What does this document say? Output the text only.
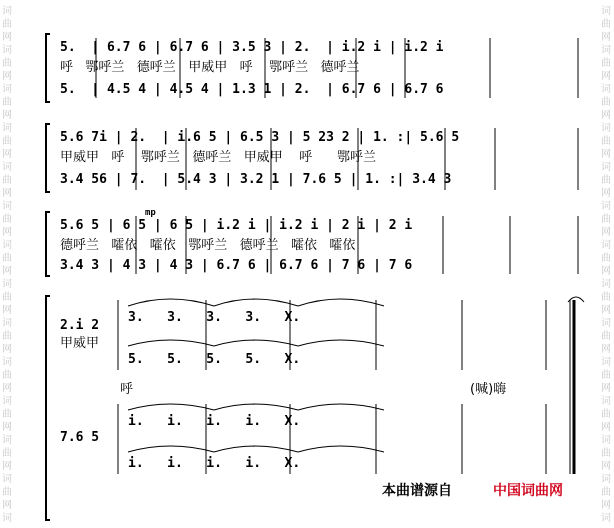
词
曲
网
词
曲
网
词
曲
网
词
曲
网
词
曲
网
词
曲
网
词
曲
网
词
曲
网
词
曲
网
词
曲
网
词
曲
网
词
曲
网
词
曲
网
词
词
曲
网
词
曲
网
词
曲
网
词
曲
网
词
曲
网
词
曲
网
词
曲
网
词
曲
网
词
曲
网
词
曲
网
词
曲
网
词
曲
网
词
曲
网
词
5.  | 6.7 6 | 6.7 6 | 3.5 3 | 2.  | i.2 i | i.2 i
呼   鄂呼兰   德呼兰   甲威甲   呼    鄂呼兰   德呼兰
5.  | 4.5 4 | 4.5 4 | 1.3 1 | 2.  | 6.7 6 | 6.7 6
5.6 7i | 2.  | i.6 5 | 6.5 3 | 5 23 2 | 1. :| 5.6 5
甲威甲   呼    鄂呼兰   德呼兰   甲威甲    呼      鄂呼兰
3.4 56 | 7.  | 5.4 3 | 3.2 1 | 7.6 5 | 1. :| 3.4 3
5.6 5 | 6 5 | 6 5 | i.2 i | i.2 i | 2 i | 2 i
德呼兰   嚯依   嚯依   鄂呼兰   德呼兰   嚯依   嚯依
3.4 3 | 4 3 | 4 3 | 6.7 6 | 6.7 6 | 7 6 | 7 6
mp
2.i 2
甲威甲
3.   3.   3.   3.   X.
5.   5.   5.   5.   X.
呼	(喊)嗨
7.6 5
i.   i.   i.   i.   X.
i.   i.   i.   i.   X.
本曲谱源自	中国词曲网
